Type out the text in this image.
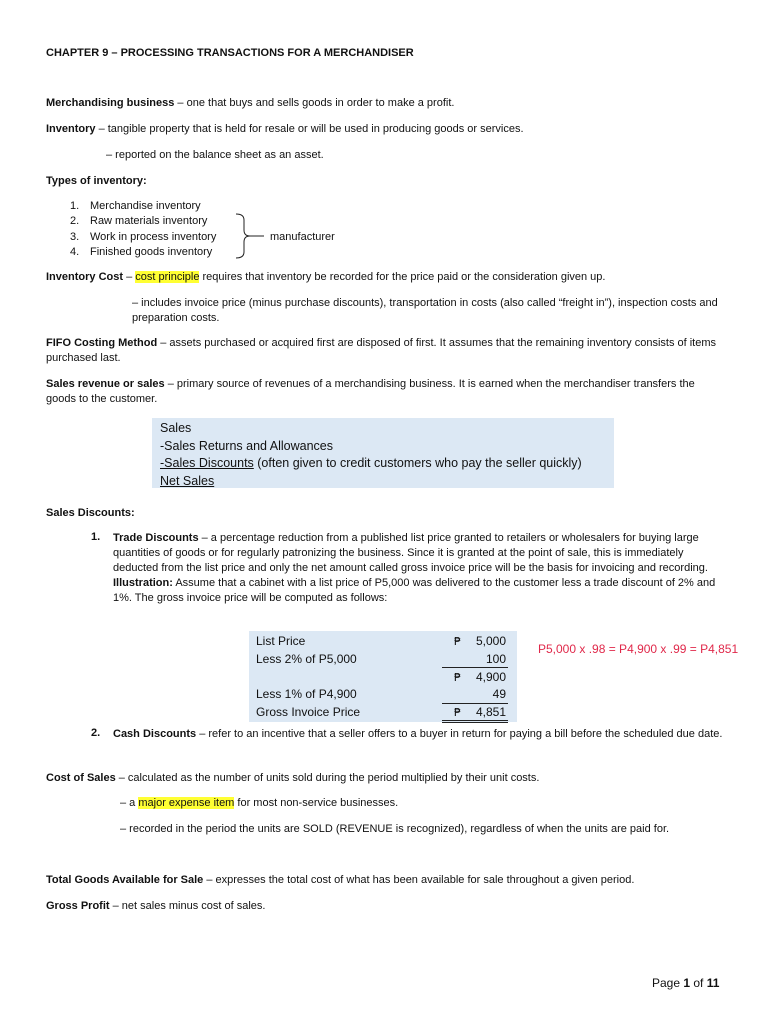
CHAPTER 9 – PROCESSING TRANSACTIONS FOR A MERCHANDISER
Merchandising business – one that buys and sells goods in order to make a profit.
Inventory – tangible property that is held for resale or will be used in producing goods or services.
– reported on the balance sheet as an asset.
Types of inventory:
1. Merchandise inventory
2. Raw materials inventory
3. Work in process inventory
4. Finished goods inventory
manufacturer
Inventory Cost – cost principle requires that inventory be recorded for the price paid or the consideration given up.
– includes invoice price (minus purchase discounts), transportation in costs (also called “freight in”), inspection costs and preparation costs.
FIFO Costing Method – assets purchased or acquired first are disposed of first. It assumes that the remaining inventory consists of items purchased last.
Sales revenue or sales – primary source of revenues of a merchandising business. It is earned when the merchandiser transfers the goods to the customer.
Sales
-Sales Returns and Allowances
-Sales Discounts (often given to credit customers who pay the seller quickly)
Net Sales
Sales Discounts:
1. Trade Discounts – a percentage reduction from a published list price granted to retailers or wholesalers for buying large quantities of goods or for regularly patronizing the business. Since it is granted at the point of sale, this is immediately deducted from the list price and only the net amount called gross invoice price will be the basis for invoicing and recording.
Illustration: Assume that a cabinet with a list price of P5,000 was delivered to the customer less a trade discount of 2% and 1%. The gross invoice price will be computed as follows:
List Price	₱	5,000
Less 2% of P5,000	100
₱	4,900
Less 1% of P4,900	49
Gross Invoice Price	₱	4,851
P5,000 x .98 = P4,900 x .99 = P4,851
2. Cash Discounts – refer to an incentive that a seller offers to a buyer in return for paying a bill before the scheduled due date.
Cost of Sales – calculated as the number of units sold during the period multiplied by their unit costs.
– a major expense item for most non-service businesses.
– recorded in the period the units are SOLD (REVENUE is recognized), regardless of when the units are paid for.
Total Goods Available for Sale – expresses the total cost of what has been available for sale throughout a given period.
Gross Profit – net sales minus cost of sales.
Page 1 of 11
